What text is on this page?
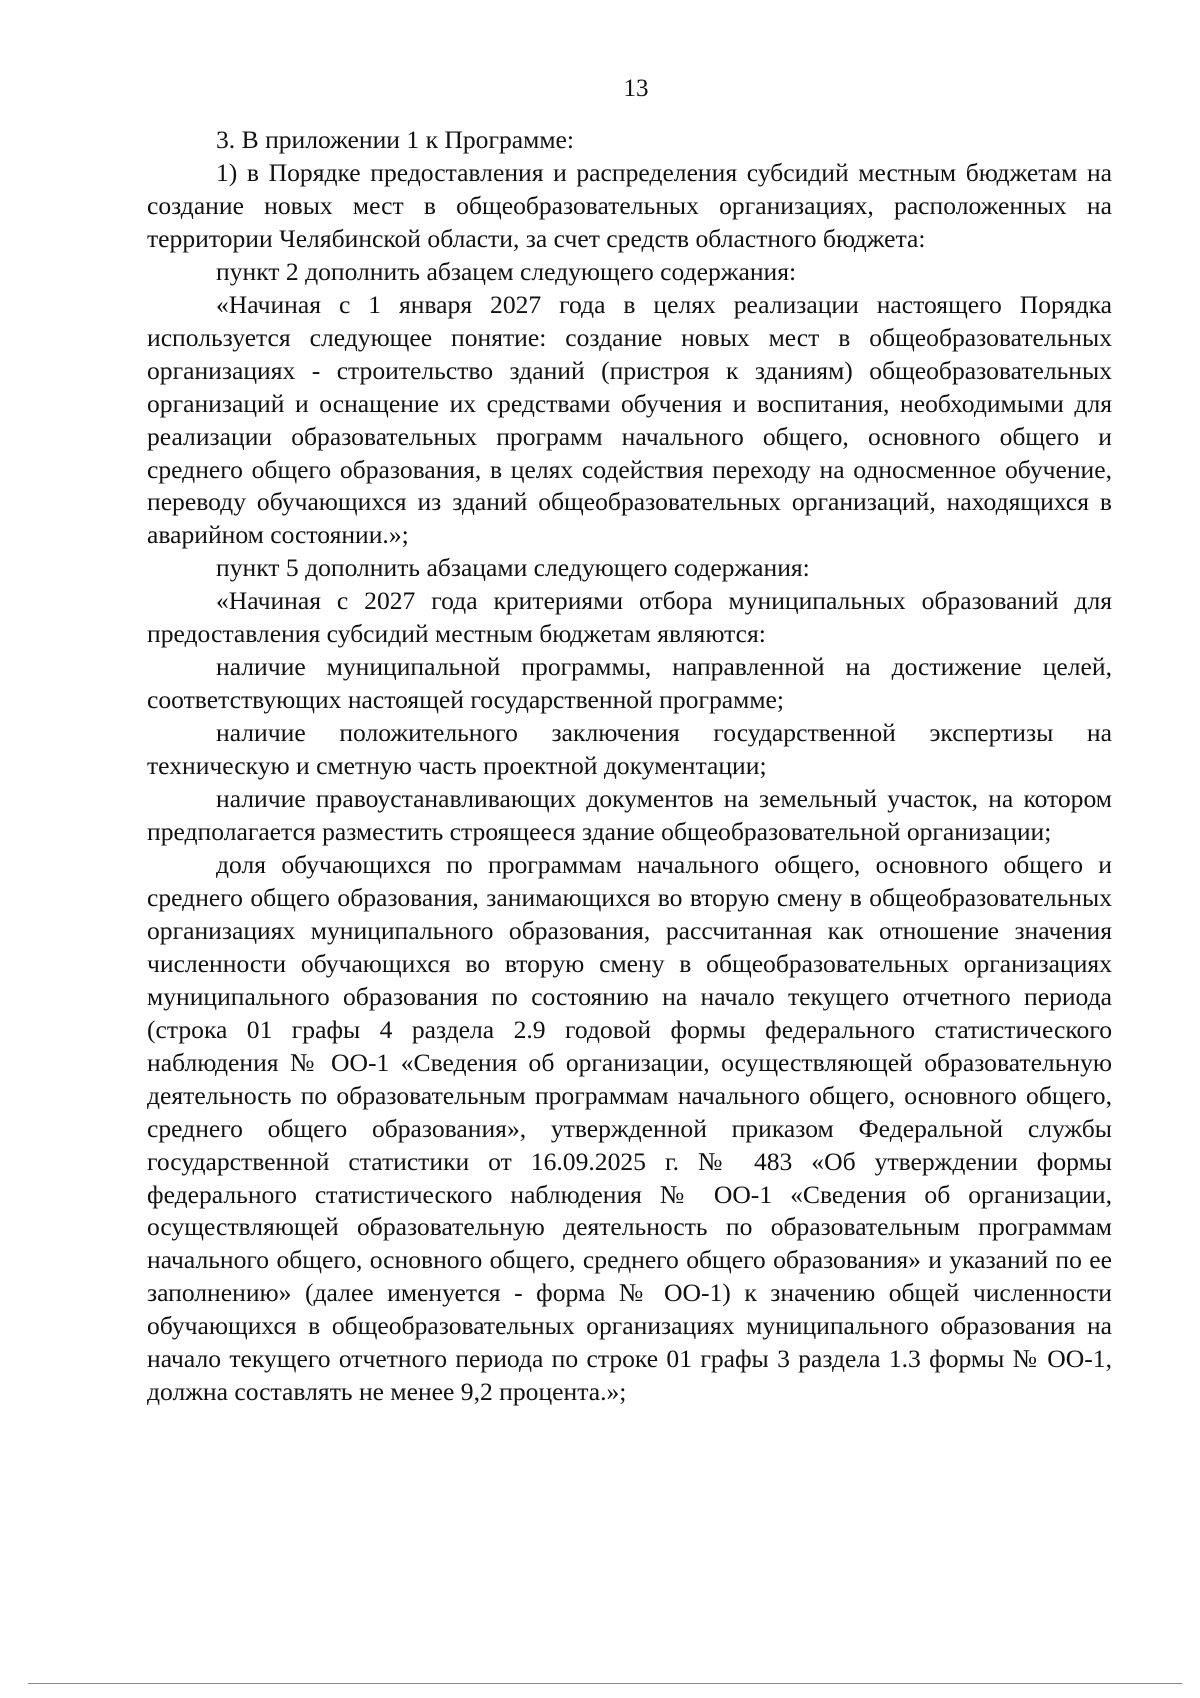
13

3. В приложении 1 к Программе:

1) в Порядке предоставления и распределения субсидий местным бюджетам на создание новых мест в общеобразовательных организациях, расположенных на территории Челябинской области, за счет средств областного бюджета:

пункт 2 дополнить абзацем следующего содержания:

«Начиная с 1 января 2027 года в целях реализации настоящего Порядка используется следующее понятие: создание новых мест в общеобразовательных организациях - строительство зданий (пристроя к зданиям) общеобразовательных организаций и оснащение их средствами обучения и воспитания, необходимыми для реализации образовательных программ начального общего, основного общего и среднего общего образования, в целях содействия переходу на односменное обучение, переводу обучающихся из зданий общеобразовательных организаций, находящихся в аварийном состоянии.»;

пункт 5 дополнить абзацами следующего содержания:

«Начиная с 2027 года критериями отбора муниципальных образований для предоставления субсидий местным бюджетам являются:

наличие муниципальной программы, направленной на достижение целей, соответствующих настоящей государственной программе;

наличие положительного заключения государственной экспертизы на техническую и сметную часть проектной документации;

наличие правоустанавливающих документов на земельный участок, на котором предполагается разместить строящееся здание общеобразовательной организации;

доля обучающихся по программам начального общего, основного общего и среднего общего образования, занимающихся во вторую смену в общеобразовательных организациях муниципального образования, рассчитанная как отношение значения численности обучающихся во вторую смену в общеобразовательных организациях муниципального образования по состоянию на начало текущего отчетного периода (строка 01 графы 4 раздела 2.9 годовой формы федерального статистического наблюдения № ОО-1 «Сведения об организации, осуществляющей образовательную деятельность по образовательным программам начального общего, основного общего, среднего общего образования», утвержденной приказом Федеральной службы государственной статистики от 16.09.2025 г. № 483 «Об утверждении формы федерального статистического наблюдения № ОО-1 «Сведения об организации, осуществляющей образовательную деятельность по образовательным программам начального общего, основного общего, среднего общего образования» и указаний по ее заполнению» (далее именуется - форма № ОО-1) к значению общей численности обучающихся в общеобразовательных организациях муниципального образования на начало текущего отчетного периода по строке 01 графы 3 раздела 1.3 формы № ОО-1, должна составлять не менее 9,2 процента.»;
